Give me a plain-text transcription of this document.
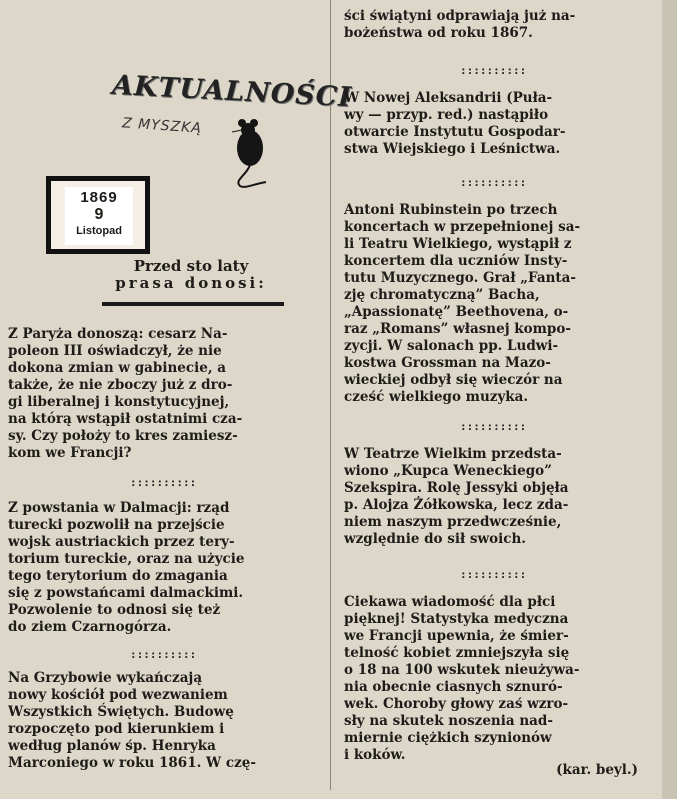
AKTUALNOŚCI
Z MYSZKĄ
1869
9
Listopad
Przed sto laty
prasa donosi:
Z Paryża donoszą: cesarz Na-
poleon III oświadczył, że nie
dokona zmian w gabinecie, a
także, że nie zboczy już z dro-
gi liberalnej i konstytucyjnej,
na którą wstąpił ostatnimi cza-
sy. Czy położy to kres zamiesz-
kom we Francji?
::::::::::
Z powstania w Dalmacji: rząd
turecki pozwolił na przejście
wojsk austriackich przez tery-
torium tureckie, oraz na użycie
tego terytorium do zmagania
się z powstańcami dalmackimi.
Pozwolenie to odnosi się też
do ziem Czarnogórza.
::::::::::
Na Grzybowie wykańczają
nowy kościół pod wezwaniem
Wszystkich Świętych. Budowę
rozpoczęto pod kierunkiem i
według planów śp. Henryka
Marconiego w roku 1861. W czę-
ści świątyni odprawiają już na-
bożeństwa od roku 1867.
::::::::::
W Nowej Aleksandrii (Puła-
wy — przyp. red.) nastąpiło
otwarcie Instytutu Gospodar-
stwa Wiejskiego i Leśnictwa.
::::::::::
Antoni Rubinstein po trzech
koncertach w przepełnionej sa-
li Teatru Wielkiego, wystąpił z
koncertem dla uczniów Insty-
tutu Muzycznego. Grał „Fanta-
zję chromatyczną” Bacha,
„Apassionatę” Beethovena, o-
raz „Romans” własnej kompo-
zycji. W salonach pp. Ludwi-
kostwa Grossman na Mazo-
wieckiej odbył się wieczór na
cześć wielkiego muzyka.
::::::::::
W Teatrze Wielkim przedsta-
wiono „Kupca Weneckiego”
Szekspira. Rolę Jessyki objęła
p. Alojza Żółkowska, lecz zda-
niem naszym przedwcześnie,
względnie do sił swoich.
::::::::::
Ciekawa wiadomość dla płci
pięknej! Statystyka medyczna
we Francji upewnia, że śmier-
telność kobiet zmniejszyła się
o 18 na 100 wskutek nieużywa-
nia obecnie ciasnych sznuró-
wek. Choroby głowy zaś wzro-
sły na skutek noszenia nad-
miernie ciężkich szynionów
i koków.
(kar. beyl.)
